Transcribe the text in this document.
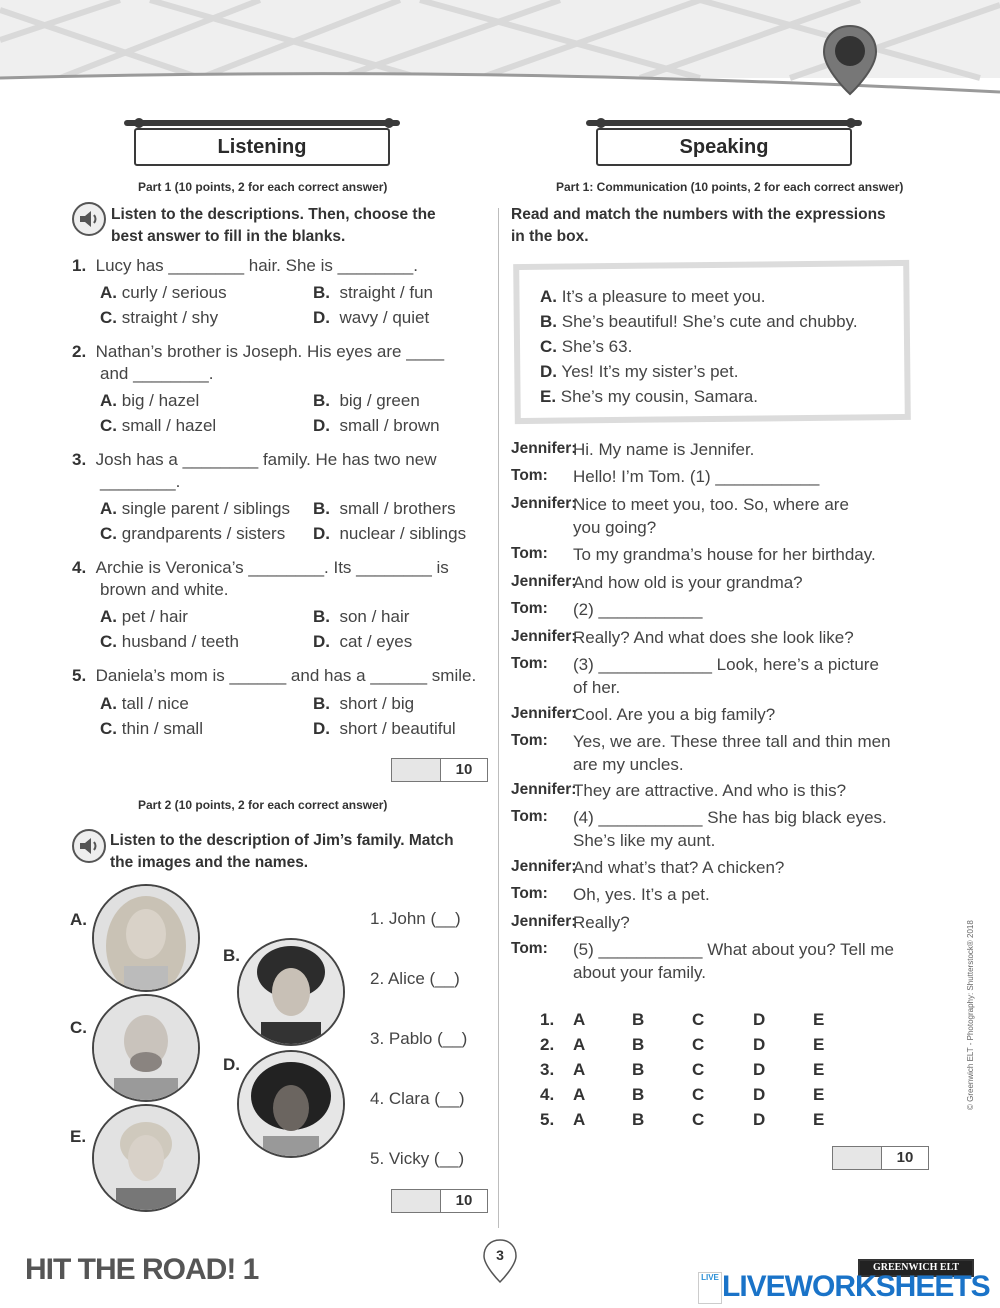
Listening	Speaking
Part 1 (10 points, 2 for each correct answer)
Listen to the descriptions. Then, choose the
best answer to fill in the blanks.
1. Lucy has ________ hair. She is ________.
A. curly / serious	B. straight / fun
C. straight / shy	D. wavy / quiet
2. Nathan’s brother is Joseph. His eyes are ____
and ________.
A. big / hazel	B. big / green
C. small / hazel	D. small / brown
3. Josh has a ________ family. He has two new
________.
A. single parent / siblings B. small / brothers
C. grandparents / sisters D. nuclear / siblings
4. Archie is Veronica’s ________. Its ________ is
brown and white.
A. pet / hair	B. son / hair
C. husband / teeth	D. cat / eyes
5. Daniela’s mom is ______ and has a ______ smile.
A. tall / nice	B. short / big
C. thin / small	D. short / beautiful
10
Part 2 (10 points, 2 for each correct answer)
Listen to the description of Jim’s family. Match
the images and the names.
A.
B.
C.
D.
E.
1. John (__)
2. Alice (__)
3. Pablo (__)
4. Clara (__)
5. Vicky (__)
10
Part 1: Communication (10 points, 2 for each correct answer)
Read and match the numbers with the expressions
in the box.
A. It’s a pleasure to meet you.
B. She’s beautiful! She’s cute and chubby.
C. She’s 63.
D. Yes! It’s my sister’s pet.
E. She’s my cousin, Samara.
Jennifer:
Hi. My name is Jennifer.
Tom: Hello! I’m Tom. (1) ___________
Jennifer:
Nice to meet you, too. So, where are
you going?
Tom: To my grandma’s house for her birthday.
Jennifer:
And how old is your grandma?
Tom: (2) ___________
Jennifer:
Really? And what does she look like?
Tom: (3) ____________ Look, here’s a picture
of her.
Jennifer:
Cool. Are you a big family?
Tom: Yes, we are. These three tall and thin men
are my uncles.
Jennifer:
They are attractive. And who is this?
Tom: (4) ___________ She has big black eyes.
She’s like my aunt.
Jennifer:
And what’s that? A chicken?
Tom: Oh, yes. It’s a pet.
Jennifer:
Really?
Tom: (5) ___________ What about you? Tell me
about your family.
1. A	B	C	D	E
2. A	B	C	D	E
3. A	B	C	D	E
4. A	B	C	D	E
5. A	B	C	D	E
10
© Greenwich ELT - Photography: Shutterstock® 2018
HIT THE ROAD! 1	3
GREENWICH ELT
LIVE LIVEWORKSHEETS
